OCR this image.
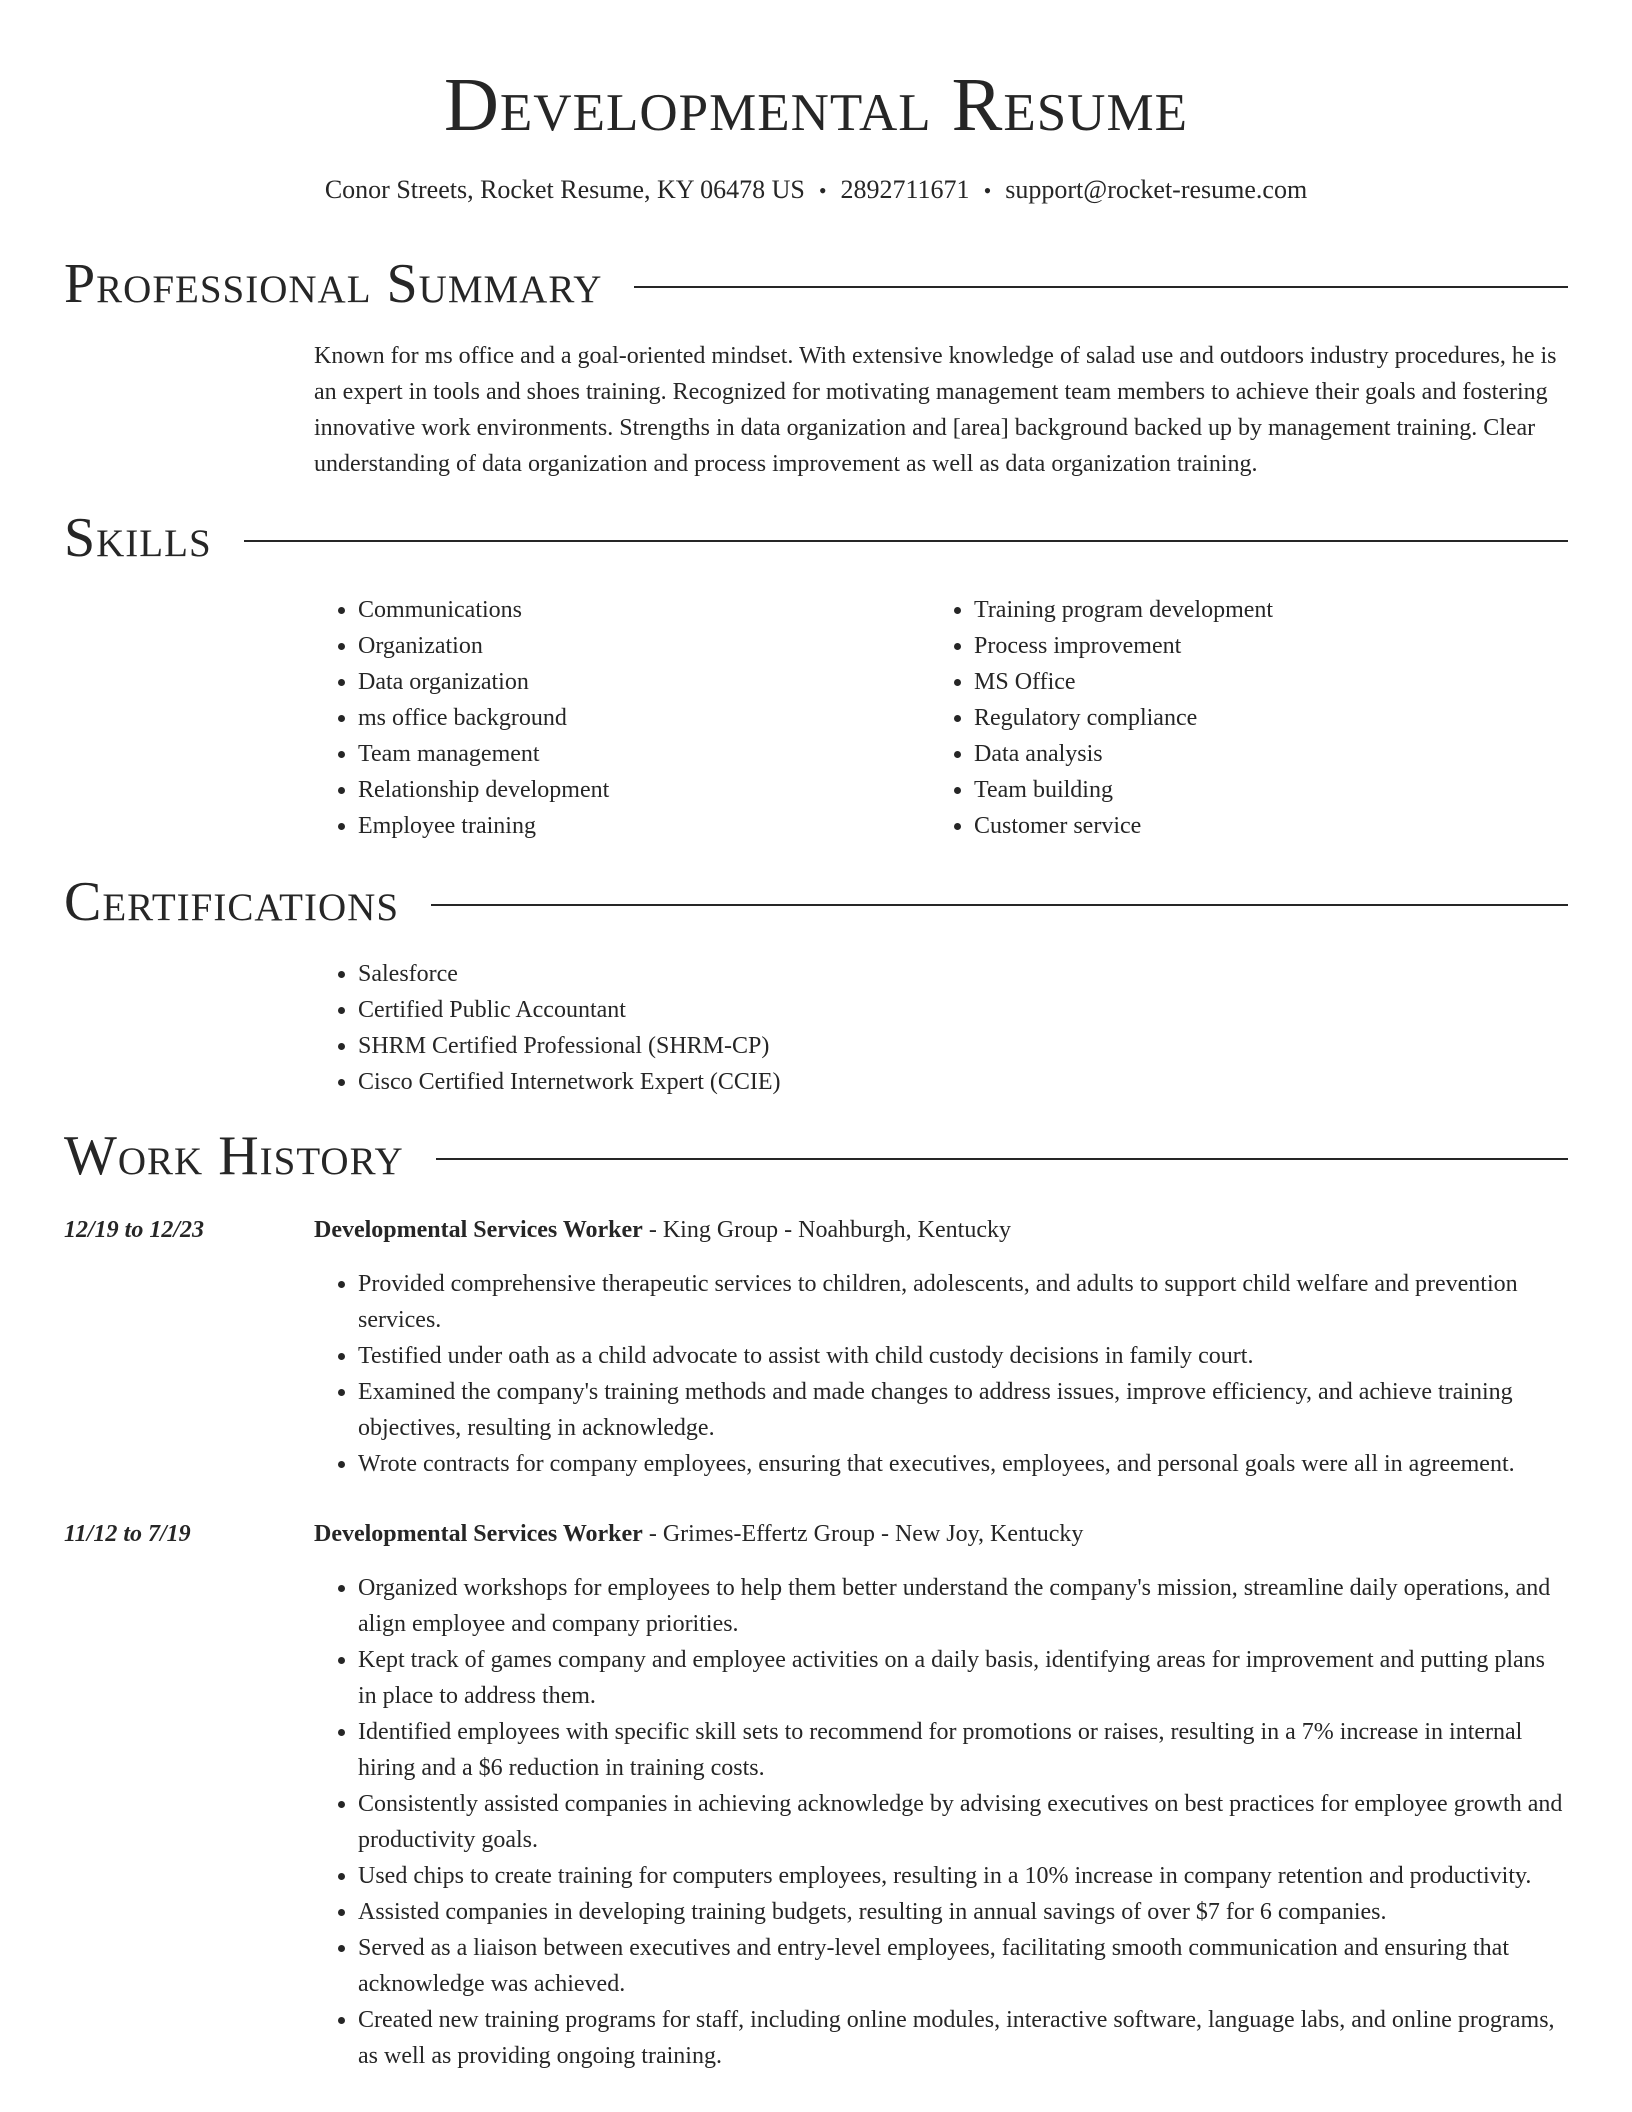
Developmental Resume
Conor Streets, Rocket Resume, KY 06478 US • 2892711671 • support@rocket-resume.com
Professional Summary

Known for ms office and a goal-oriented mindset. With extensive knowledge of salad use and outdoors industry procedures, he is an expert in tools and shoes training. Recognized for motivating management team members to achieve their goals and fostering innovative work environments. Strengths in data organization and [area] background backed up by management training. Clear understanding of data organization and process improvement as well as data organization training.

Skills
• Communications
• Organization
• Data organization
• ms office background
• Team management
• Relationship development
• Employee training
• Training program development
• Process improvement
• MS Office
• Regulatory compliance
• Data analysis
• Team building
• Customer service
Certifications
• Salesforce
• Certified Public Accountant
• SHRM Certified Professional (SHRM-CP)
• Cisco Certified Internetwork Expert (CCIE)
Work History
12/19 to 12/23	Developmental Services Worker - King Group - Noahburgh, Kentucky
• Provided comprehensive therapeutic services to children, adolescents, and adults to support child welfare and prevention services.
• Testified under oath as a child advocate to assist with child custody decisions in family court.
• Examined the company's training methods and made changes to address issues, improve efficiency, and achieve training objectives, resulting in acknowledge.
• Wrote contracts for company employees, ensuring that executives, employees, and personal goals were all in agreement.
11/12 to 7/19	Developmental Services Worker - Grimes-Effertz Group - New Joy, Kentucky
• Organized workshops for employees to help them better understand the company's mission, streamline daily operations, and align employee and company priorities.
• Kept track of games company and employee activities on a daily basis, identifying areas for improvement and putting plans in place to address them.
• Identified employees with specific skill sets to recommend for promotions or raises, resulting in a 7% increase in internal hiring and a $6 reduction in training costs.
• Consistently assisted companies in achieving acknowledge by advising executives on best practices for employee growth and productivity goals.
• Used chips to create training for computers employees, resulting in a 10% increase in company retention and productivity.
• Assisted companies in developing training budgets, resulting in annual savings of over $7 for 6 companies.
• Served as a liaison between executives and entry-level employees, facilitating smooth communication and ensuring that acknowledge was achieved.
• Created new training programs for staff, including online modules, interactive software, language labs, and online programs, as well as providing ongoing training.
